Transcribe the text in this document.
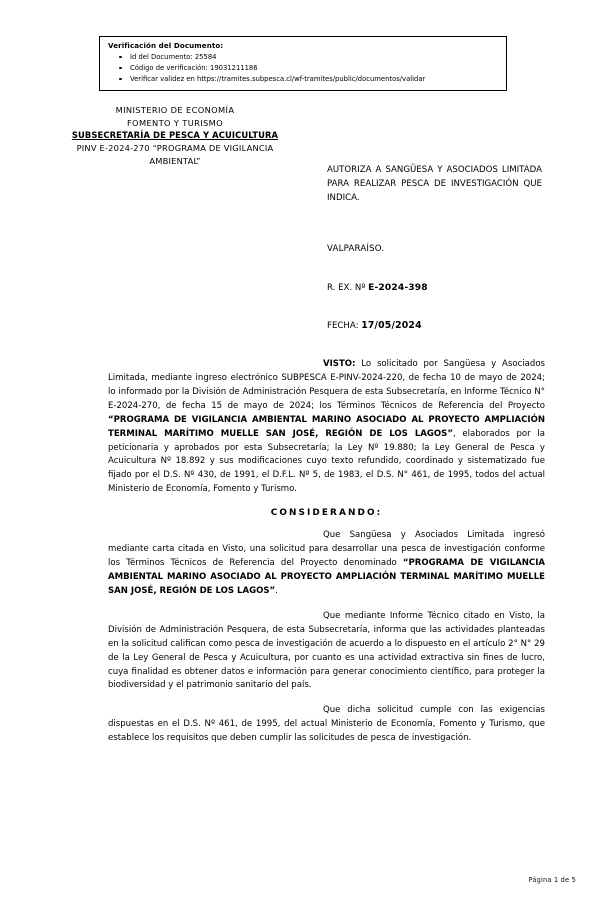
Verificación del Documento:
Id del Documento: 25584
Código de verificación: 19031211186
Verificar validez en https://tramites.subpesca.cl/wf-tramites/public/documentos/validar
MINISTERIO DE ECONOMÍA
FOMENTO Y TURISMO
SUBSECRETARÍA DE PESCA Y ACUICULTURA
PINV E-2024-270 “PROGRAMA DE VIGILANCIA
AMBIENTAL”
AUTORIZA A SANGÜESA Y ASOCIADOS LIMITADA PARA REALIZAR PESCA DE INVESTIGACIÓN QUE INDICA.
VALPARAÍSO.
R. EX. Nº E-2024-398
FECHA: 17/05/2024

VISTO: Lo solicitado por Sangüesa y Asociados Limitada, mediante ingreso electrónico SUBPESCA E-PINV-2024-220, de fecha 10 de mayo de 2024; lo informado por la División de Administración Pesquera de esta Subsecretaría, en Informe Técnico N° E-2024-270, de fecha 15 de mayo de 2024; los Términos Técnicos de Referencia del Proyecto “PROGRAMA DE VIGILANCIA AMBIENTAL MARINO ASOCIADO AL PROYECTO AMPLIACIÓN TERMINAL MARÍTIMO MUELLE SAN JOSÉ, REGIÓN DE LOS LAGOS”, elaborados por la peticionaria y aprobados por esta Subsecretaría; la Ley Nº 19.880; la Ley General de Pesca y Acuicultura Nº 18.892 y sus modificaciones cuyo texto refundido, coordinado y sistematizado fue fijado por el D.S. Nº 430, de 1991, el D.F.L. Nº 5, de 1983, el D.S. N° 461, de 1995, todos del actual Ministerio de Economía, Fomento y Turismo.

CONSIDERANDO:

Que Sangüesa y Asociados Limitada ingresó mediante carta citada en Visto, una solicitud para desarrollar una pesca de investigación conforme los Términos Técnicos de Referencia del Proyecto denominado “PROGRAMA DE VIGILANCIA AMBIENTAL MARINO ASOCIADO AL PROYECTO AMPLIACIÓN TERMINAL MARÍTIMO MUELLE SAN JOSÉ, REGIÓN DE LOS LAGOS”.

Que mediante Informe Técnico citado en Visto, la División de Administración Pesquera, de esta Subsecretaría, informa que las actividades planteadas en la solicitud califican como pesca de investigación de acuerdo a lo dispuesto en el artículo 2° N° 29 de la Ley General de Pesca y Acuicultura, por cuanto es una actividad extractiva sin fines de lucro, cuya finalidad es obtener datos e información para generar conocimiento científico, para proteger la biodiversidad y el patrimonio sanitario del país.

Que dicha solicitud cumple con las exigencias dispuestas en el D.S. Nº 461, de 1995, del actual Ministerio de Economía, Fomento y Turismo, que establece los requisitos que deben cumplir las solicitudes de pesca de investigación.

Página 1 de 5
